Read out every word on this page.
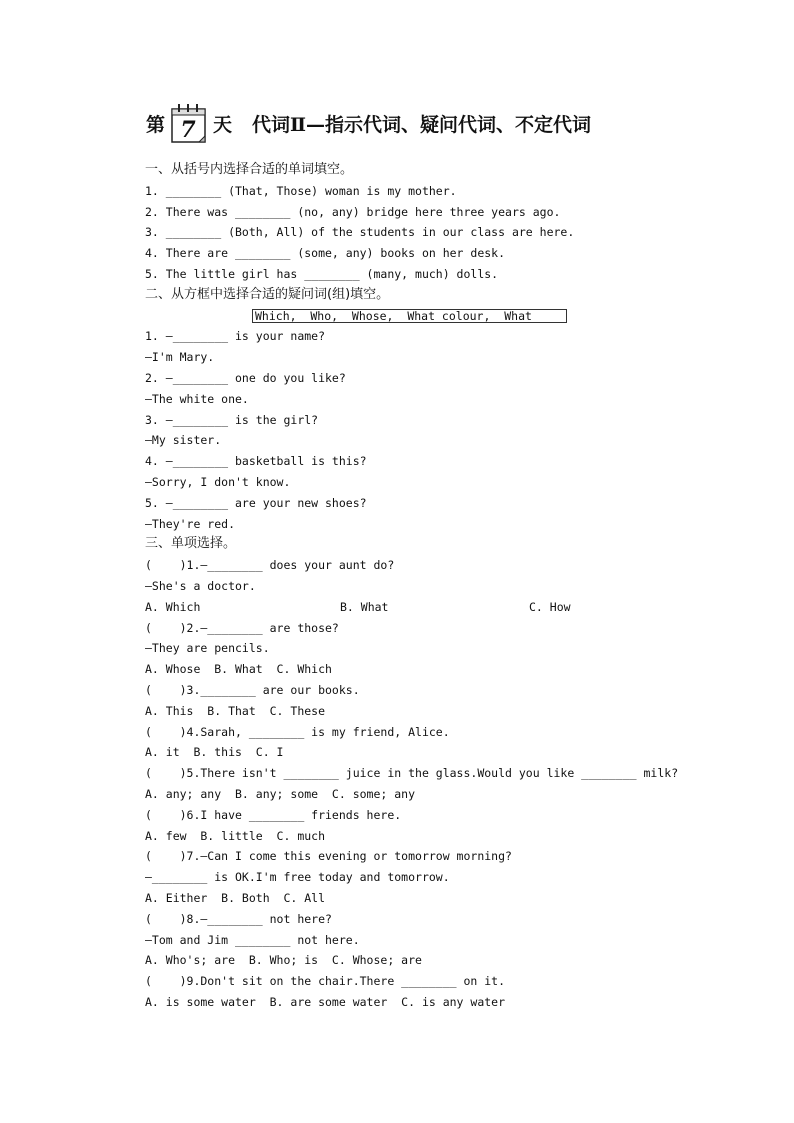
第 7 天 代词Ⅱ—指示代词、疑问代词、不定代词
一、从括号内选择合适的单词填空。
1. ________ (That, Those) woman is my mother.
2. There was ________ (no, any) bridge here three years ago.
3. ________ (Both, All) of the students in our class are here.
4. There are ________ (some, any) books on her desk.
5. The little girl has ________ (many, much) dolls.
二、从方框中选择合适的疑问词(组)填空。
Which,  Who,  Whose,  What colour,  What
1. —________ is your name?
—I'm Mary.
2. —________ one do you like?
—The white one.
3. —________ is the girl?
—My sister.
4. —________ basketball is this?
—Sorry, I don't know.
5. —________ are your new shoes?
—They're red.
三、单项选择。
(    )1.—________ does your aunt do?
—She's a doctor.
A. Which	B. What	C. How
(    )2.—________ are those?
—They are pencils.
A. Whose  B. What  C. Which
(    )3.________ are our books.
A. This  B. That  C. These
(    )4.Sarah, ________ is my friend, Alice.
A. it  B. this  C. I
(    )5.There isn't ________ juice in the glass.Would you like ________ milk?
A. any; any  B. any; some  C. some; any
(    )6.I have ________ friends here.
A. few  B. little  C. much
(    )7.—Can I come this evening or tomorrow morning?
—________ is OK.I'm free today and tomorrow.
A. Either  B. Both  C. All
(    )8.—________ not here?
—Tom and Jim ________ not here.
A. Who's; are  B. Who; is  C. Whose; are
(    )9.Don't sit on the chair.There ________ on it.
A. is some water  B. are some water  C. is any water
